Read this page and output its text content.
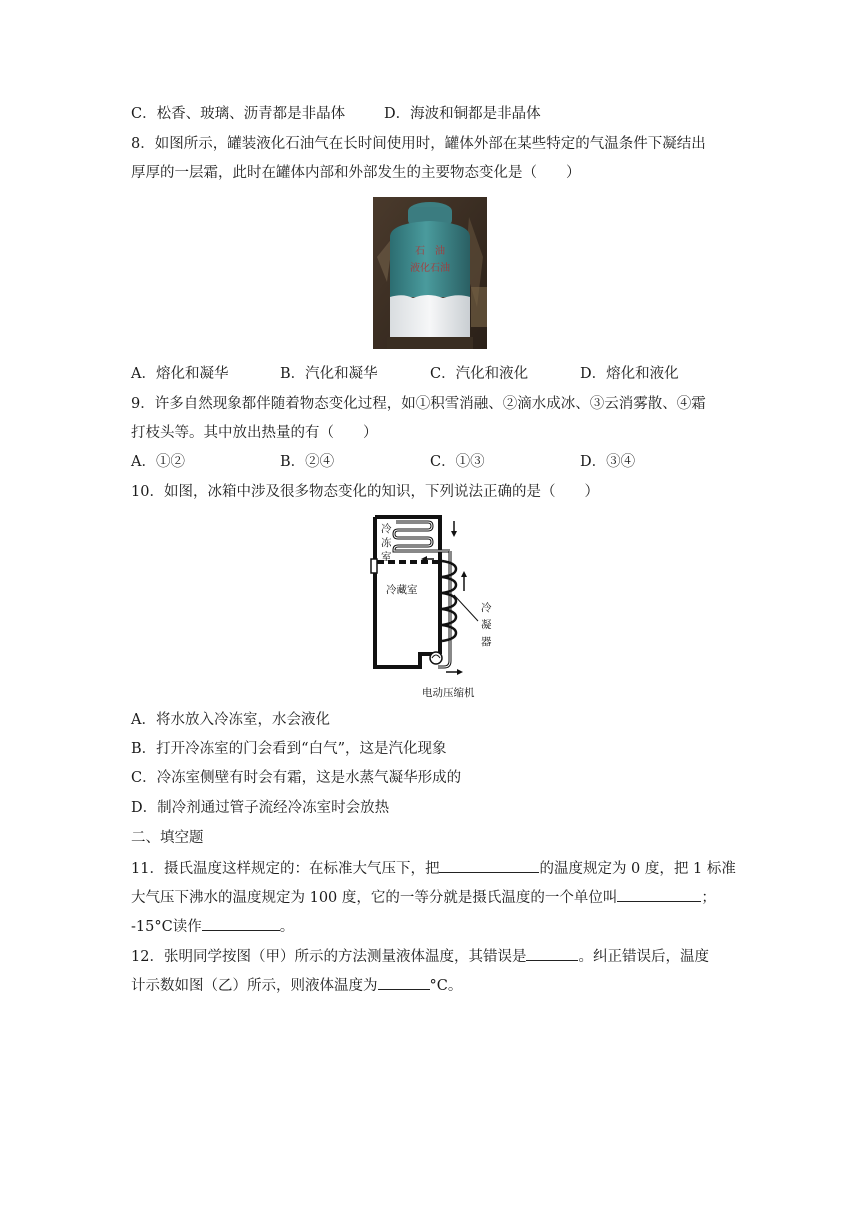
C．松香、玻璃、沥青都是非晶体	D．海波和铜都是非晶体
8．如图所示，罐装液化石油气在长时间使用时，罐体外部在某些特定的气温条件下凝结出
厚厚的一层霜，此时在罐体内部和外部发生的主要物态变化是（　　）
石　油
液化石油
A．熔化和凝华	B．汽化和凝华	C．汽化和液化	D．熔化和液化
9．许多自然现象都伴随着物态变化过程，如①积雪消融、②滴水成冰、③云消雾散、④霜
打枝头等。其中放出热量的有（　　）
A．①②	B．②④	C．①③	D．③④
10．如图，冰箱中涉及很多物态变化的知识，下列说法正确的是（　　）
冷
冻
室
冷藏室
冷
凝
器
电动压缩机
A．将水放入冷冻室，水会液化
B．打开冷冻室的门会看到“白气”，这是汽化现象
C．冷冻室侧壁有时会有霜，这是水蒸气凝华形成的
D．制冷剂通过管子流经冷冻室时会放热
二、填空题
11．摄氏温度这样规定的：在标准大气压下，把	的温度规定为 0 度，把 1 标准
大气压下沸水的温度规定为 100 度，它的一等分就是摄氏温度的一个单位叫	；
-15°C读作	。
12．张明同学按图（甲）所示的方法测量液体温度，其错误是	。纠正错误后，温度
计示数如图（乙）所示，则液体温度为	°C。
